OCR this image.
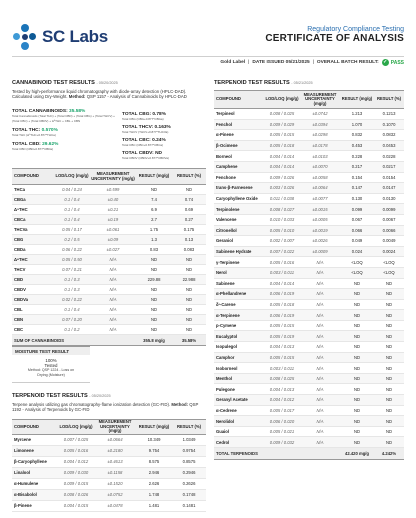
SC Labs	Regulatory Compliance Testing
CERTIFICATE OF ANALYSIS
Gold Label | DATE ISSUED 05/21/2025 | OVERALL BATCH RESULT: ✓ PASS
CANNABINOID TEST RESULTS - 05/20/2025
Tested by high-performance liquid chromatography with diode-array detection (HPLC-DAD). Calculated using Dry-Weight. Method: QSP 1157 - Analysis of Cannabinoids by HPLC-DAD
TOTAL CANNABINOIDS: 35.58%
Total Cannabinoids (Total THC) + (Total CBD) + (Total CBG) + (Total THCV) + (Total CBC) + (Total CBDV) + Δ⁸THC + CBL + CBN
TOTAL THC: 0.570%
Total THC (Δ⁹THC+0.877*THCa)
TOTAL CBD: 29.62%
Total CBD (CBD+0.877*CBDa)
TOTAL CBG: 0.78%
Total CBG (CBG+0.877*CBGa)
TOTAL THCV: 0.163%
Total THCV (THCV+0.877*THCVa)
TOTAL CBC: 0.24%
Total CBC (CBC+0.877*CBCa)
TOTAL CBDV: ND
Total CBDV (CBDV+0.877*CBDVa)
COMPOUND	LOD/LOQ (mg/g)	MEASUREMENT UNCERTAINTY (mg/g)	RESULT (mg/g)	RESULT (%)
THCa	0.04 / 0.24	±0.599	ND	ND
CBGa	0.1 / 0.4	±0.40	7.4	0.74
Δ⁹THC	0.1 / 0.4	±0.21	6.9	0.69
CBCa	0.1 / 0.4	±0.19	2.7	0.27
THCVa	0.05 / 0.17	±0.061	1.75	0.175
CBG	0.2 / 0.5	±0.09	1.3	0.13
CBDa	0.06 / 0.22	±0.027	0.83	0.083
Δ⁸THC	0.05 / 0.50	N/A	ND	ND
THCV	0.07 / 0.21	N/A	ND	ND
CBD	0.1 / 0.3	N/A	229.88	22.988
CBDV	0.1 / 0.3	N/A	ND	ND
CBDVa	0.02 / 0.22	N/A	ND	ND
CBL	0.1 / 0.4	N/A	ND	ND
CBN	0.07 / 0.20	N/A	ND	ND
CBC	0.1 / 0.2	N/A	ND	ND
SUM OF CANNABINOIDS			355.8 mg/g	35.58%
MOISTURE TEST RESULT
100%
Tested
Method: QSP 1224 - Loss on Drying (Moisture)
TERPENOID TEST RESULTS - 05/20/2025
Terpene analysis utilizing gas chromatography-flame ionization detection (GC-FID). Method: QSP 1192 - Analysis of Terpenoids by GC-FID
COMPOUND	LOD/LOQ (mg/g)	MEASUREMENT UNCERTAINTY (mg/g)	RESULT (mg/g)	RESULT (%)
Myrcene	0.007 / 0.025	±0.0664	10.349	1.0349
Limonene	0.005 / 0.016	±0.2180	9.754	0.9754
β-Caryophyllene	0.004 / 0.012	±0.4613	8.575	0.8575
Linalool	0.009 / 0.030	±0.1158	2.946	0.2946
α-Humulene	0.009 / 0.015	±0.1520	2.626	0.2626
α-Bisabolol	0.008 / 0.026	±0.0752	1.748	0.1748
β-Pinene	0.004 / 0.015	±0.0478	1.481	0.1481
TERPENOID TEST RESULTS - 05/21/2025
COMPOUND	LOD/LOQ (mg/g)	MEASUREMENT UNCERTAINTY (mg/g)	RESULT (mg/g)	RESULT (%)
Terpineol	0.008 / 0.025	±0.0742	1.213	0.1213
Fenchol	0.009 / 0.029	±0.0394	1.070	0.1070
α-Pinene	0.005 / 0.015	±0.0298	0.832	0.0832
β-Ocimene	0.005 / 0.018	±0.0178	0.453	0.0453
Borneol	0.004 / 0.014	±0.0103	0.228	0.0228
Camphene	0.004 / 0.014	±0.0070	0.217	0.0217
Fenchone	0.009 / 0.026	±0.0058	0.154	0.0154
trans-β-Farnesene	0.003 / 0.026	±0.0064	0.147	0.0147
Caryophyllene Oxide	0.011 / 0.038	±0.0077	0.130	0.0130
Terpinolene	0.008 / 0.027	±0.0015	0.099	0.0099
Valencene	0.010 / 0.033	±0.0005	0.067	0.0067
Citronellol	0.005 / 0.010	±0.0019	0.066	0.0066
Geraniol	0.002 / 0.007	±0.0026	0.049	0.0049
Sabinene Hydrate	0.007 / 0.022	±0.0009	0.024	0.0024
γ-Terpinene	0.005 / 0.016	N/A	<LOQ	<LOQ
Nerol	0.003 / 0.011	N/A	<LOQ	<LOQ
Sabinene	0.004 / 0.014	N/A	ND	ND
α-Phellandrene	0.006 / 0.019	N/A	ND	ND
δ³-Carene	0.005 / 0.018	N/A	ND	ND
α-Terpinene	0.006 / 0.019	N/A	ND	ND
p-Cymene	0.005 / 0.015	N/A	ND	ND
Eucalyptol	0.005 / 0.019	N/A	ND	ND
Isopulegol	0.004 / 0.013	N/A	ND	ND
Camphor	0.005 / 0.015	N/A	ND	ND
Isoborneol	0.003 / 0.011	N/A	ND	ND
Menthol	0.008 / 0.025	N/A	ND	ND
Pulegone	0.004 / 0.013	N/A	ND	ND
Geranyl Acetate	0.004 / 0.012	N/A	ND	ND
α-Cedrene	0.005 / 0.017	N/A	ND	ND
Nerolidol	0.006 / 0.020	N/A	ND	ND
Guaiol	0.005 / 0.021	N/A	ND	ND
Cedrol	0.009 / 0.032	N/A	ND	ND
TOTAL TERPENOIDS			42.420 mg/g	4.242%
